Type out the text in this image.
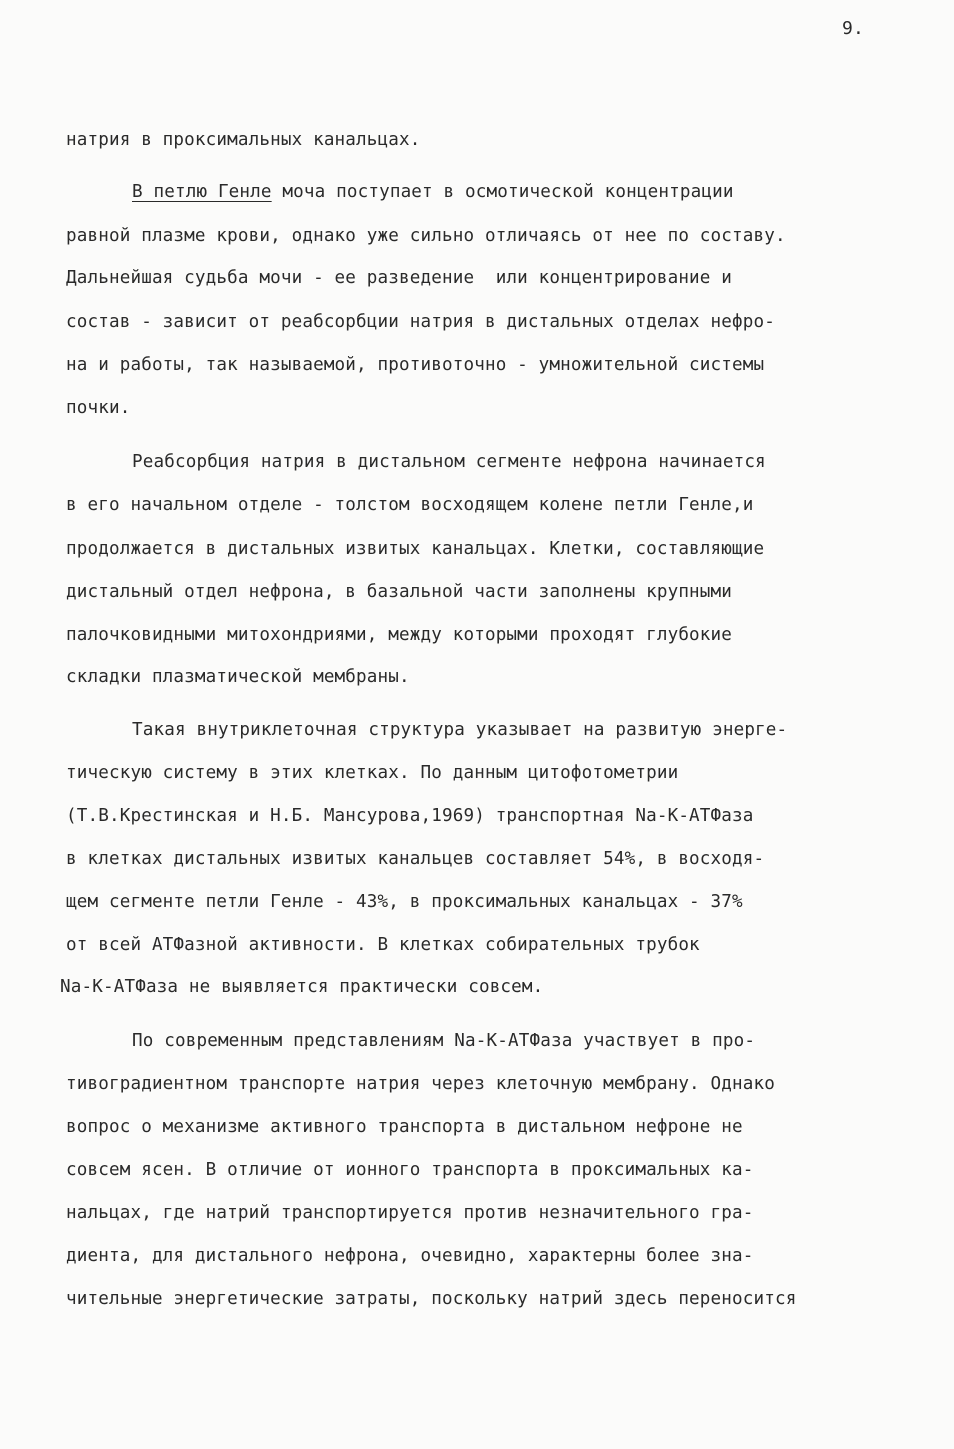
9.
натрия в проксимальных канальцах.
В петлю Генле моча поступает в осмотической концентрации
равной плазме крови, однако уже сильно отличаясь от нее по составу.
Дальнейшая судьба мочи - ее разведение  или концентрирование и
состав - зависит от реабсорбции натрия в дистальных отделах нефро-
на и работы, так называемой, противоточно - умножительной системы
почки.
Реабсорбция натрия в дистальном сегменте нефрона начинается
в его начальном отделе - толстом восходящем колене петли Генле,и
продолжается в дистальных извитых канальцах. Клетки, составляющие
дистальный отдел нефрона, в базальной части заполнены крупными
палочковидными митохондриями, между которыми проходят глубокие
складки плазматической мембраны.
Такая внутриклеточная структура указывает на развитую энерге-
тическую систему в этих клетках. По данным цитофотометрии
(Т.В.Крестинская и Н.Б. Мансурова,1969) транспортная Na-К-АТФаза
в клетках дистальных извитых канальцев составляет 54%, в восходя-
щем сегменте петли Генле - 43%, в проксимальных канальцах - 37%
от всей АТФазной активности. В клетках собирательных трубок
Na-К-АТФаза не выявляется практически совсем.
По современным представлениям Na-К-АТФаза участвует в про-
тивоградиентном транспорте натрия через клеточную мембрану. Однако
вопрос о механизме активного транспорта в дистальном нефроне не
совсем ясен. В отличие от ионного транспорта в проксимальных ка-
нальцах, где натрий транспортируется против незначительного гра-
диента, для дистального нефрона, очевидно, характерны более зна-
чительные энергетические затраты, поскольку натрий здесь переносится
